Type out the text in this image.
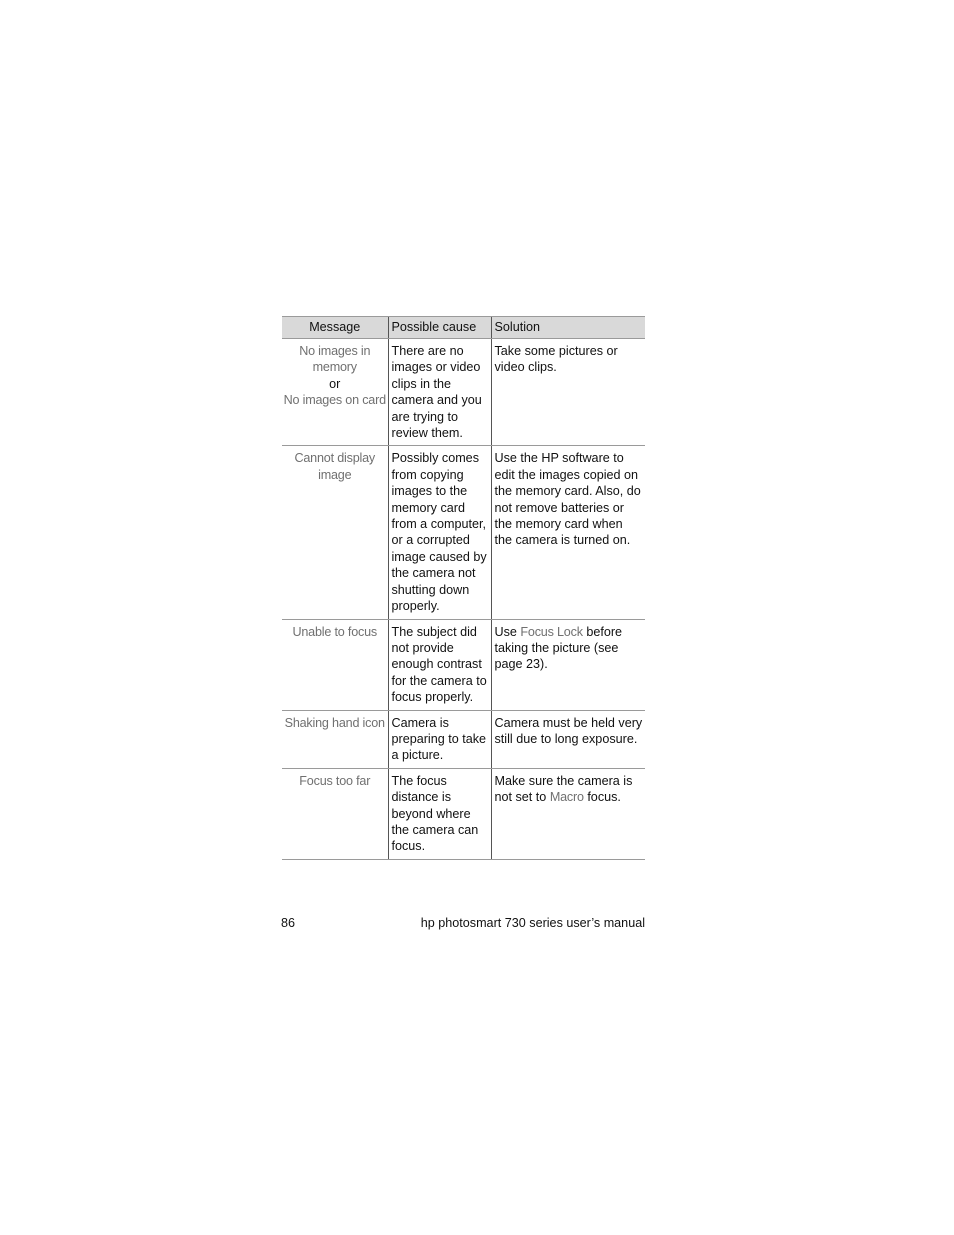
Message	Possible cause	Solution
No images in memory
or
No images on card	There are no images or video clips in the camera and you are trying to review them.	Take some pictures or video clips.
Cannot display image	Possibly comes from copying images to the memory card from a computer, or a corrupted image caused by the camera not shutting down properly.	Use the HP software to edit the images copied on the memory card. Also, do not remove batteries or the memory card when the camera is turned on.
Unable to focus	The subject did not provide enough contrast for the camera to focus properly.	Use Focus Lock before taking the picture (see page 23).
Shaking hand icon	Camera is preparing to take a picture.	Camera must be held very still due to long exposure.
Focus too far	The focus distance is beyond where the camera can focus.	Make sure the camera is not set to Macro focus.
86	hp photosmart 730 series user’s manual
